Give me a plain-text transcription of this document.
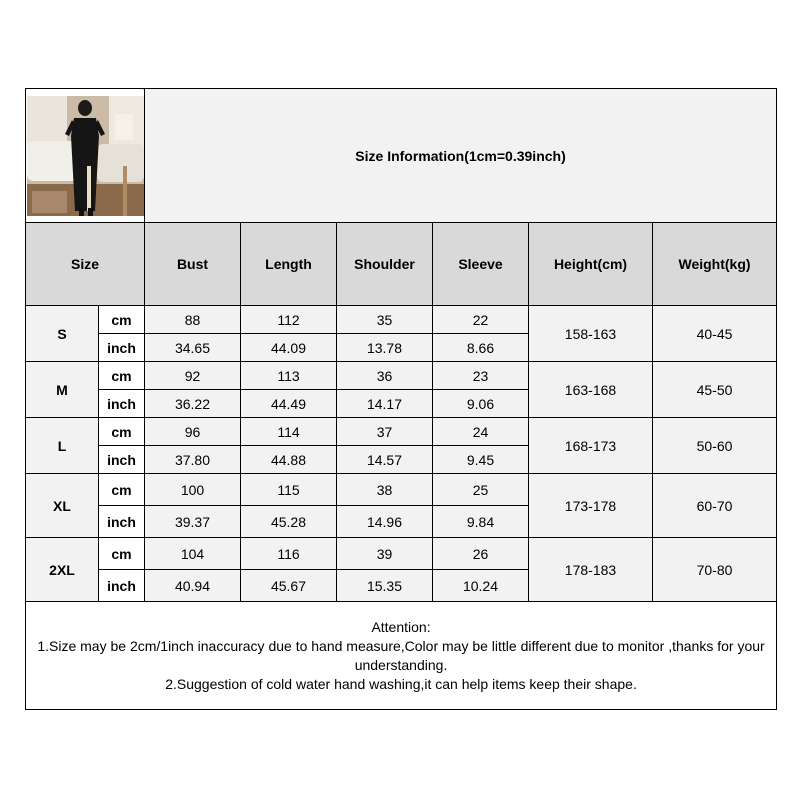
	Size Information(1cm=0.39inch)					
Size		Bust	Length	Shoulder	Sleeve	Height(cm)	Weight(kg)
S	cm	88	112	35	22	158-163	40-45
	inch	34.65	44.09	13.78	8.66		
M	cm	92	113	36	23	163-168	45-50
	inch	36.22	44.49	14.17	9.06		
L	cm	96	114	37	24	168-173	50-60
	inch	37.80	44.88	14.57	9.45		
XL	cm	100	115	38	25	173-178	60-70
	inch	39.37	45.28	14.96	9.84		
2XL	cm	104	116	39	26	178-183	70-80
	inch	40.94	45.67	15.35	10.24		

Attention:
1.Size may be 2cm/1inch inaccuracy due to hand measure,Color may be little different due to monitor ,thanks for your understanding.
2.Suggestion of cold water hand washing,it can help items keep their shape.							
